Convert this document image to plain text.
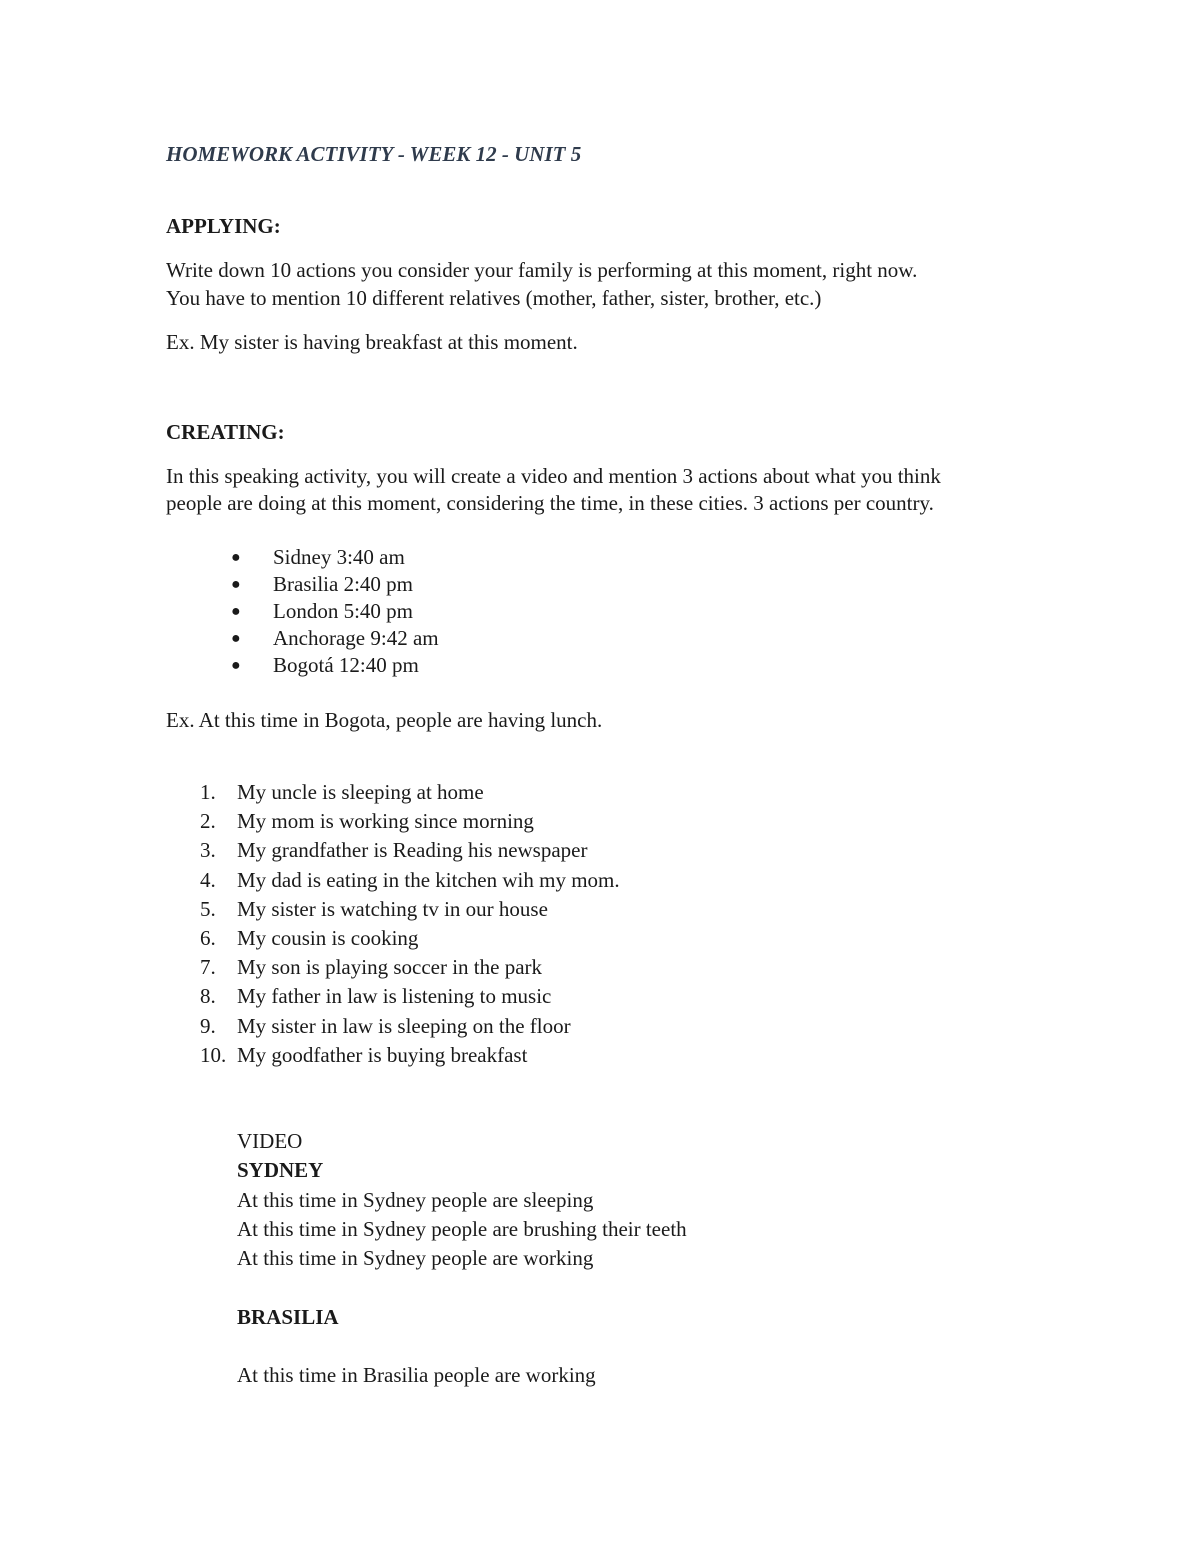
HOMEWORK ACTIVITY - WEEK 12 - UNIT 5
APPLYING:
Write down 10 actions you consider your family is performing at this moment, right now.
You have to mention 10 different relatives (mother, father, sister, brother, etc.)
Ex. My sister is having breakfast at this moment.
CREATING:
In this speaking activity, you will create a video and mention 3 actions about what you think
people are doing at this moment, considering the time, in these cities. 3 actions per country.
● Sidney 3:40 am
● Brasilia 2:40 pm
● London 5:40 pm
● Anchorage 9:42 am
● Bogotá 12:40 pm
Ex. At this time in Bogota, people are having lunch.
1. My uncle is sleeping at home
2. My mom is working since morning
3. My grandfather is Reading his newspaper
4. My dad is eating in the kitchen wih my mom.
5. My sister is watching tv in our house
6. My cousin is cooking
7. My son is playing soccer in the park
8. My father in law is listening to music
9. My sister in law is sleeping on the floor
10. My goodfather is buying breakfast
VIDEO
SYDNEY
At this time in Sydney people are sleeping
At this time in Sydney people are brushing their teeth
At this time in Sydney people are working
BRASILIA
At this time in Brasilia people are working
